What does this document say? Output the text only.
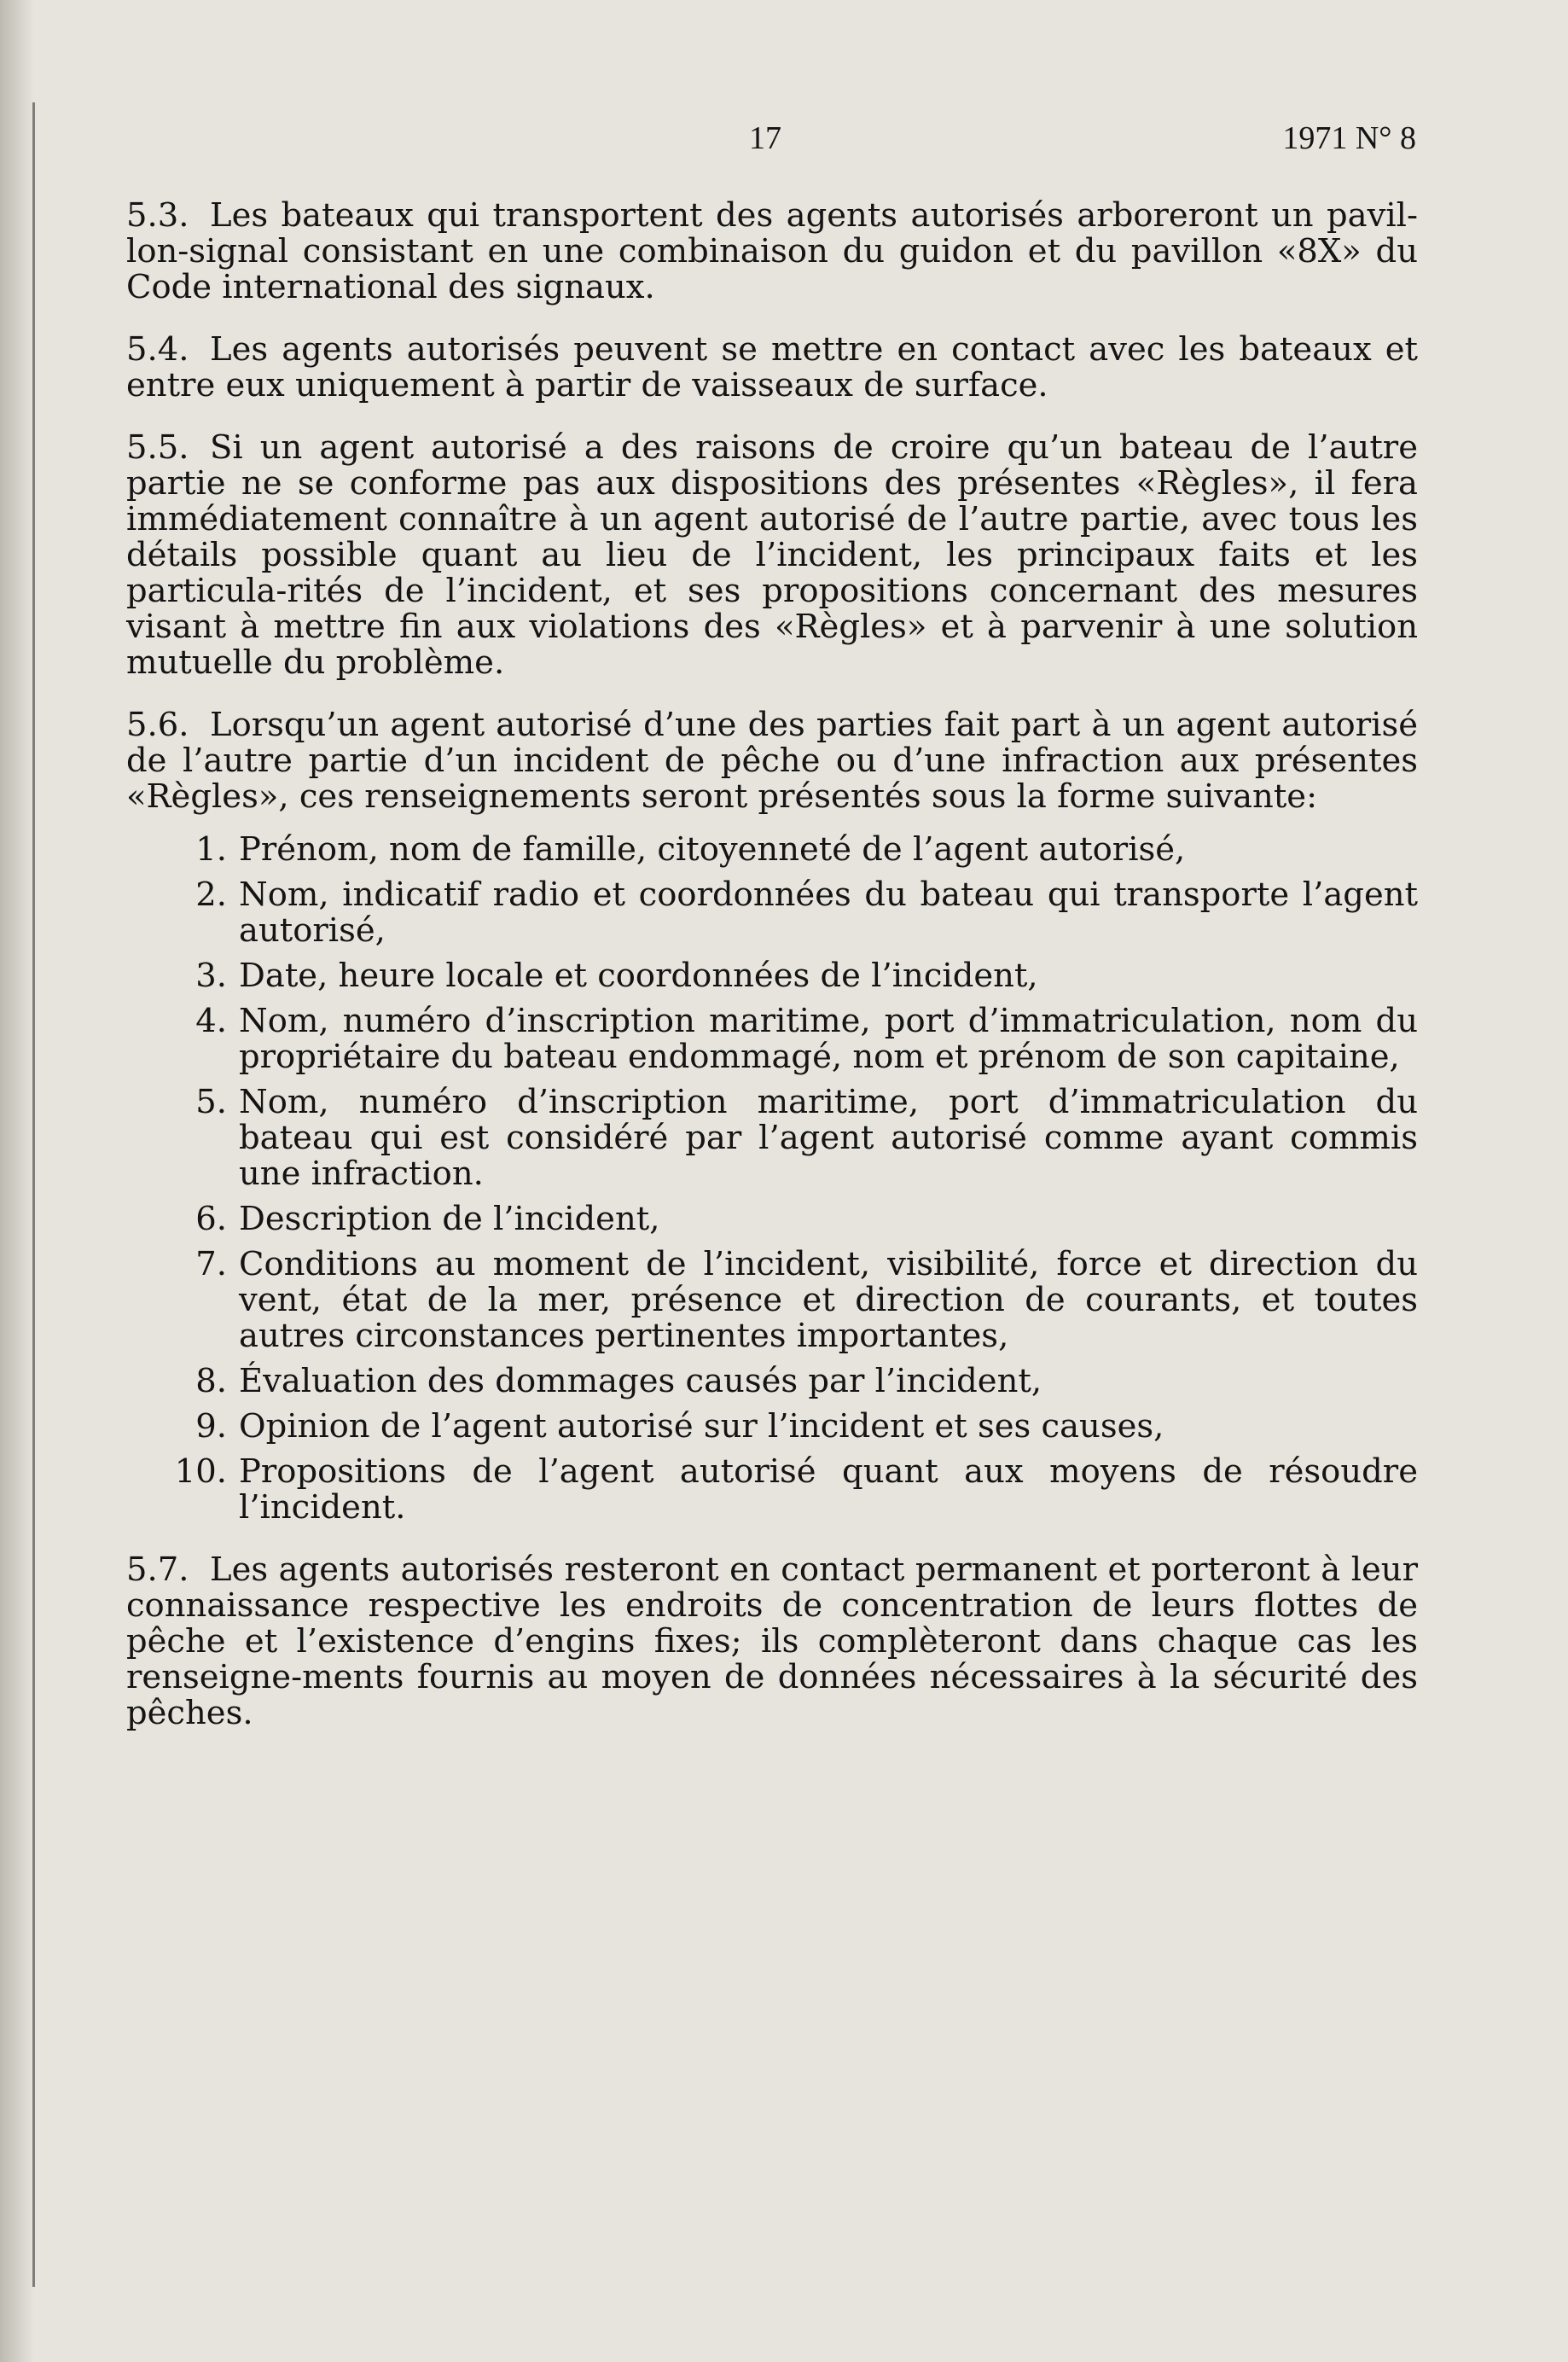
17	1971 N° 8

5.3. Les bateaux qui transportent des agents autorisés arboreront un pavil-lon-signal consistant en une combinaison du guidon et du pavillon «8X» du Code international des signaux.

5.4. Les agents autorisés peuvent se mettre en contact avec les bateaux et entre eux uniquement à partir de vaisseaux de surface.

5.5. Si un agent autorisé a des raisons de croire qu’un bateau de l’autre partie ne se conforme pas aux dispositions des présentes «Règles», il fera immédiatement connaître à un agent autorisé de l’autre partie, avec tous les détails possible quant au lieu de l’incident, les principaux faits et les particula-rités de l’incident, et ses propositions concernant des mesures visant à mettre fin aux violations des «Règles» et à parvenir à une solution mutuelle du problème.

5.6. Lorsqu’un agent autorisé d’une des parties fait part à un agent autorisé de l’autre partie d’un incident de pêche ou d’une infraction aux présentes «Règles», ces renseignements seront présentés sous la forme suivante:

1. Prénom, nom de famille, citoyenneté de l’agent autorisé,
2. Nom, indicatif radio et coordonnées du bateau qui transporte l’agent autorisé,
3. Date, heure locale et coordonnées de l’incident,
4. Nom, numéro d’inscription maritime, port d’immatriculation, nom du propriétaire du bateau endommagé, nom et prénom de son capitaine,
5. Nom, numéro d’inscription maritime, port d’immatriculation du bateau qui est considéré par l’agent autorisé comme ayant commis une infraction.
6. Description de l’incident,
7. Conditions au moment de l’incident, visibilité, force et direction du vent, état de la mer, présence et direction de courants, et toutes autres circonstances pertinentes importantes,
8. Évaluation des dommages causés par l’incident,
9. Opinion de l’agent autorisé sur l’incident et ses causes,
10. Propositions de l’agent autorisé quant aux moyens de résoudre l’incident.

5.7. Les agents autorisés resteront en contact permanent et porteront à leur connaissance respective les endroits de concentration de leurs flottes de pêche et l’existence d’engins fixes; ils complèteront dans chaque cas les renseigne-ments fournis au moyen de données nécessaires à la sécurité des pêches.
